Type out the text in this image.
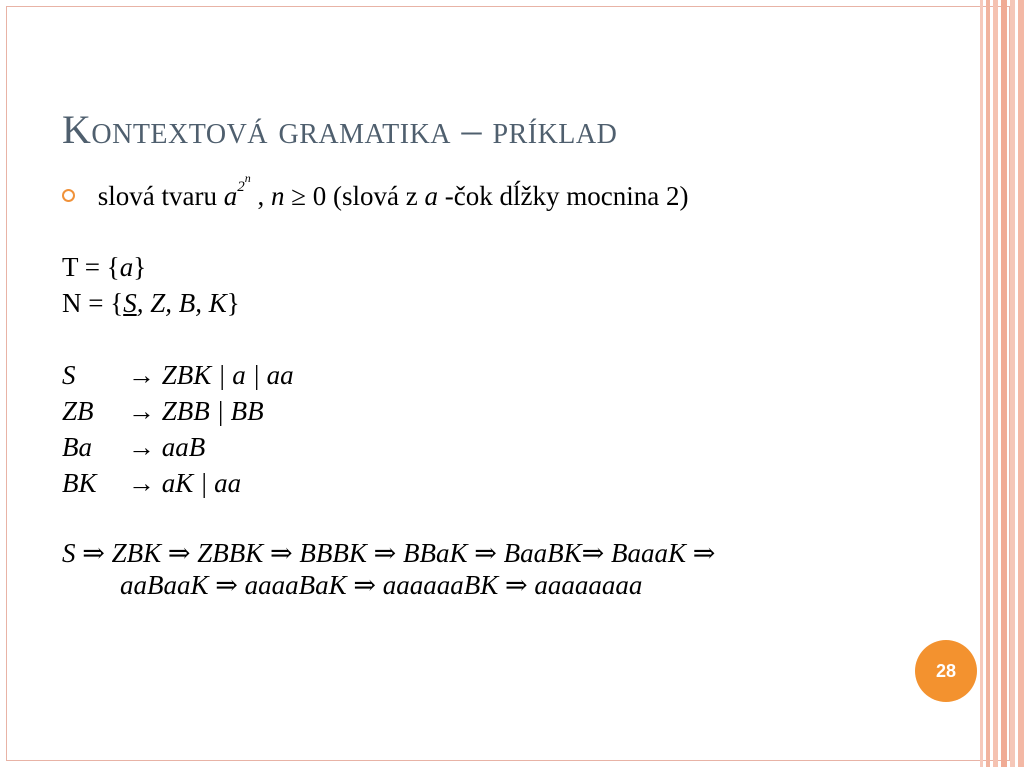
Kontextová gramatika – príklad
slová tvaru $a^{2^n}$ , n ≥ 0 (slová z a -čok dĺžky mocnina 2)
T = {a}
N = {S, Z, B, K}
S → ZBK | a | aa
ZB → ZBB | BB
Ba → aaB
BK → aK | aa
S ⇒ ZBK ⇒ ZBBK ⇒ BBBK ⇒ BBaK ⇒ BaaBK⇒ BaaaK ⇒
aaBaaK ⇒ aaaaBaK ⇒ aaaaaaBK ⇒ aaaaaaaa
28
